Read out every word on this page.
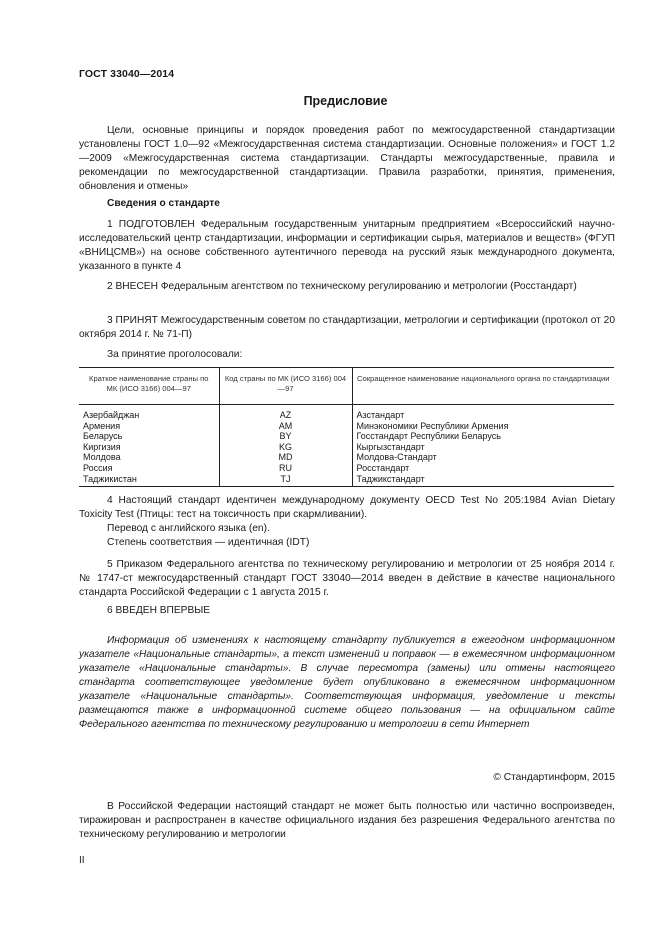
ГОСТ 33040—2014
Предисловие

Цели, основные принципы и порядок проведения работ по межгосударственной стандартизации установлены ГОСТ 1.0—92 «Межгосударственная система стандартизации. Основные положения» и ГОСТ 1.2—2009 «Межгосударственная система стандартизации. Стандарты межгосударственные, правила и рекомендации по межгосударственной стандартизации. Правила разработки, принятия, применения, обновления и отмены»

Сведения о стандарте

1 ПОДГОТОВЛЕН Федеральным государственным унитарным предприятием «Всероссийский научно-исследовательский центр стандартизации, информации и сертификации сырья, материалов и веществ» (ФГУП «ВНИЦСМВ») на основе собственного аутентичного перевода на русский язык международного документа, указанного в пункте 4

2 ВНЕСЕН Федеральным агентством по техническому регулированию и метрологии (Росстандарт)

3 ПРИНЯТ Межгосударственным советом по стандартизации, метрологии и сертификации (протокол от 20 октября 2014 г. № 71-П)

За принятие проголосовали:

Краткое наименование страны по МК (ИСО 3166) 004—97	Код страны по МК (ИСО 3166) 004—97	Сокращенное наименование национального органа по стандартизации
Азербайджан	AZ	Азстандарт
Армения	AM	Минэкономики Республики Армения
Беларусь	BY	Госстандарт Республики Беларусь
Киргизия	KG	Кыргызстандарт
Молдова	MD	Молдова-Стандарт
Россия	RU	Росстандарт
Таджикистан	TJ	Таджикстандарт

4 Настоящий стандарт идентичен международному документу OECD Test No 205:1984 Avian Dietary Toxicity Test (Птицы: тест на токсичность при скармливании).

Перевод с английского языка (en).

Степень соответствия — идентичная (IDT)

5 Приказом Федерального агентства по техническому регулированию и метрологии от 25 ноября 2014 г. № 1747-ст межгосударственный стандарт ГОСТ 33040—2014 введен в действие в качестве национального стандарта Российской Федерации с 1 августа 2015 г.

6 ВВЕДЕН ВПЕРВЫЕ

Информация об изменениях к настоящему стандарту публикуется в ежегодном информационном указателе «Национальные стандарты», а текст изменений и поправок — в ежемесячном информационном указателе «Национальные стандарты». В случае пересмотра (замены) или отмены настоящего стандарта соответствующее уведомление будет опубликовано в ежемесячном информационном указателе «Национальные стандарты». Соответствующая информация, уведомление и тексты размещаются также в информационной системе общего пользования — на официальном сайте Федерального агентства по техническому регулированию и метрологии в сети Интернет

© Стандартинформ, 2015

В Российской Федерации настоящий стандарт не может быть полностью или частично воспроизведен, тиражирован и распространен в качестве официального издания без разрешения Федерального агентства по техническому регулированию и метрологии

II
